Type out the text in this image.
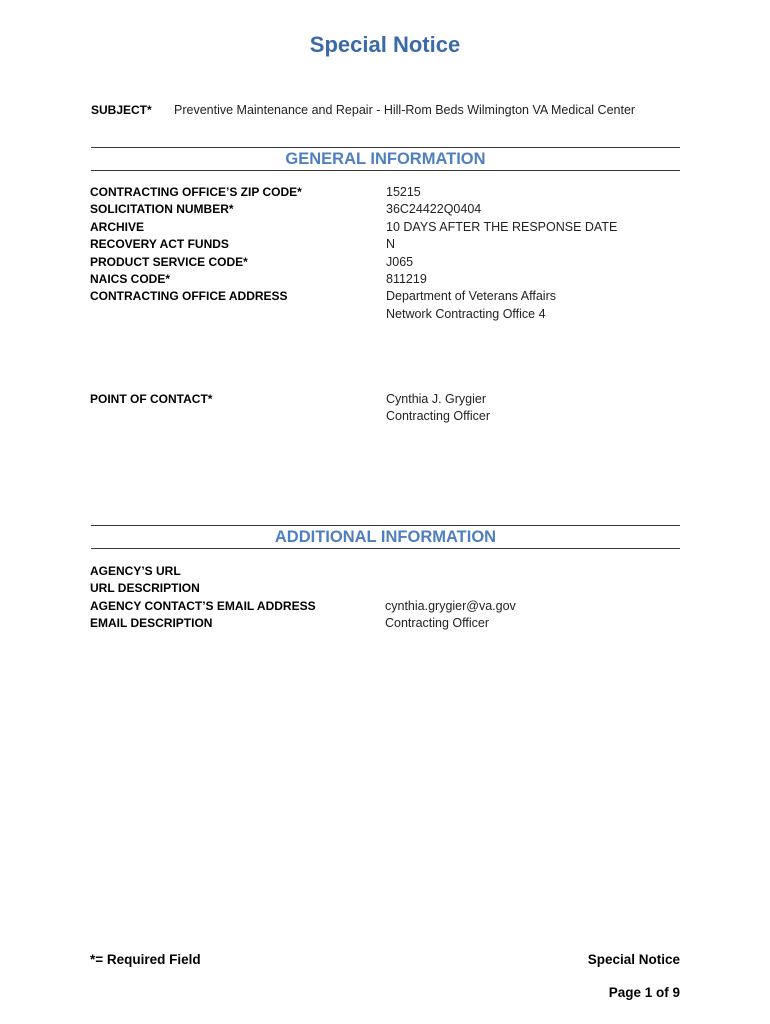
Special Notice
SUBJECT* Preventive Maintenance and Repair - Hill-Rom Beds Wilmington VA Medical Center
GENERAL INFORMATION
CONTRACTING OFFICE’S ZIP CODE*
SOLICITATION NUMBER*
ARCHIVE
RECOVERY ACT FUNDS
PRODUCT SERVICE CODE*
NAICS CODE*
CONTRACTING OFFICE ADDRESS
15215
36C24422Q0404
10 DAYS AFTER THE RESPONSE DATE
N
J065
811219
Department of Veterans Affairs
Network Contracting Office 4
POINT OF CONTACT*	Cynthia J. Grygier
Contracting Officer
ADDITIONAL INFORMATION
AGENCY’S URL
URL DESCRIPTION
AGENCY CONTACT’S EMAIL ADDRESS
EMAIL DESCRIPTION
cynthia.grygier@va.gov
Contracting Officer
*= Required Field	Special Notice
Page 1 of 9
